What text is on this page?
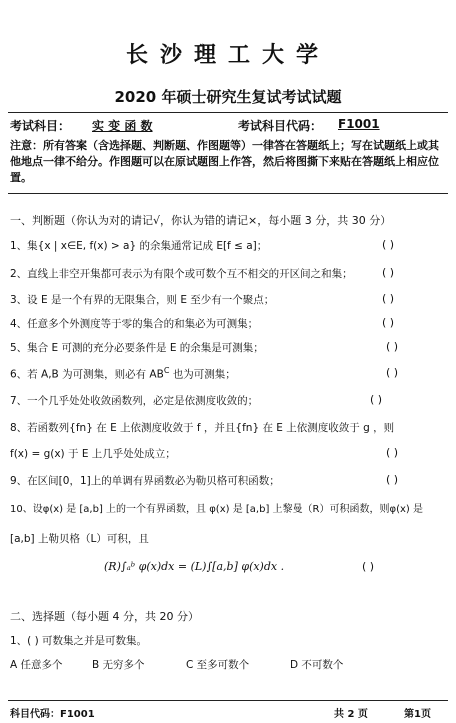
长沙理工大学
2020 年硕士研究生复试考试试题
考试科目： 实 变 函 数	考试科目代码： F1001
注意：所有答案（含选择题、判断题、作图题等）一律答在答题纸上；写在试题纸上或其他地点一律不给分。作图题可以在原试题图上作答，然后将图撕下来贴在答题纸上相应位置。
一、判断题（你认为对的请记√，你认为错的请记×，每小题 3 分，共 30 分）
1、集{x | x∈E, f(x) > a} 的余集通常记成 E[f ≤ a]；	( )
2、直线上非空开集都可表示为有限个或可数个互不相交的开区间之和集；	( )
3、设 E 是一个有界的无限集合，则 E 至少有一个聚点；	( )
4、任意多个外测度等于零的集合的和集必为可测集；	( )
5、集合 E 可测的充分必要条件是 E 的余集是可测集；	( )
6、若 A,B 为可测集，则必有 $AB^C$ 也为可测集；	( )
7、一个几乎处处收敛函数列，必定是依测度收敛的；	( )
8、若函数列{fn} 在 E 上依测度收敛于 f ，并且{fn} 在 E 上依测度收敛于 g ，则
f(x) = g(x) 于 E 上几乎处处成立；	( )
9、在区间[0，1]上的单调有界函数必为勒贝格可积函数；	( )
10、设φ(x) 是 [a,b] 上的一个有界函数，且 φ(x) 是 [a,b] 上黎曼（R）可积函数，则φ(x) 是
[a,b] 上勒贝格（L）可积，且
(R)∫ₐᵇ φ(x)dx = (L)∫[a,b] φ(x)dx .	( )
二、选择题（每小题 4 分，共 20 分）
1、( ) 可数集之并是可数集。
A 任意多个	B 无穷多个	C 至多可数个	D 不可数个
科目代码：F1001	共 2 页	第1页
